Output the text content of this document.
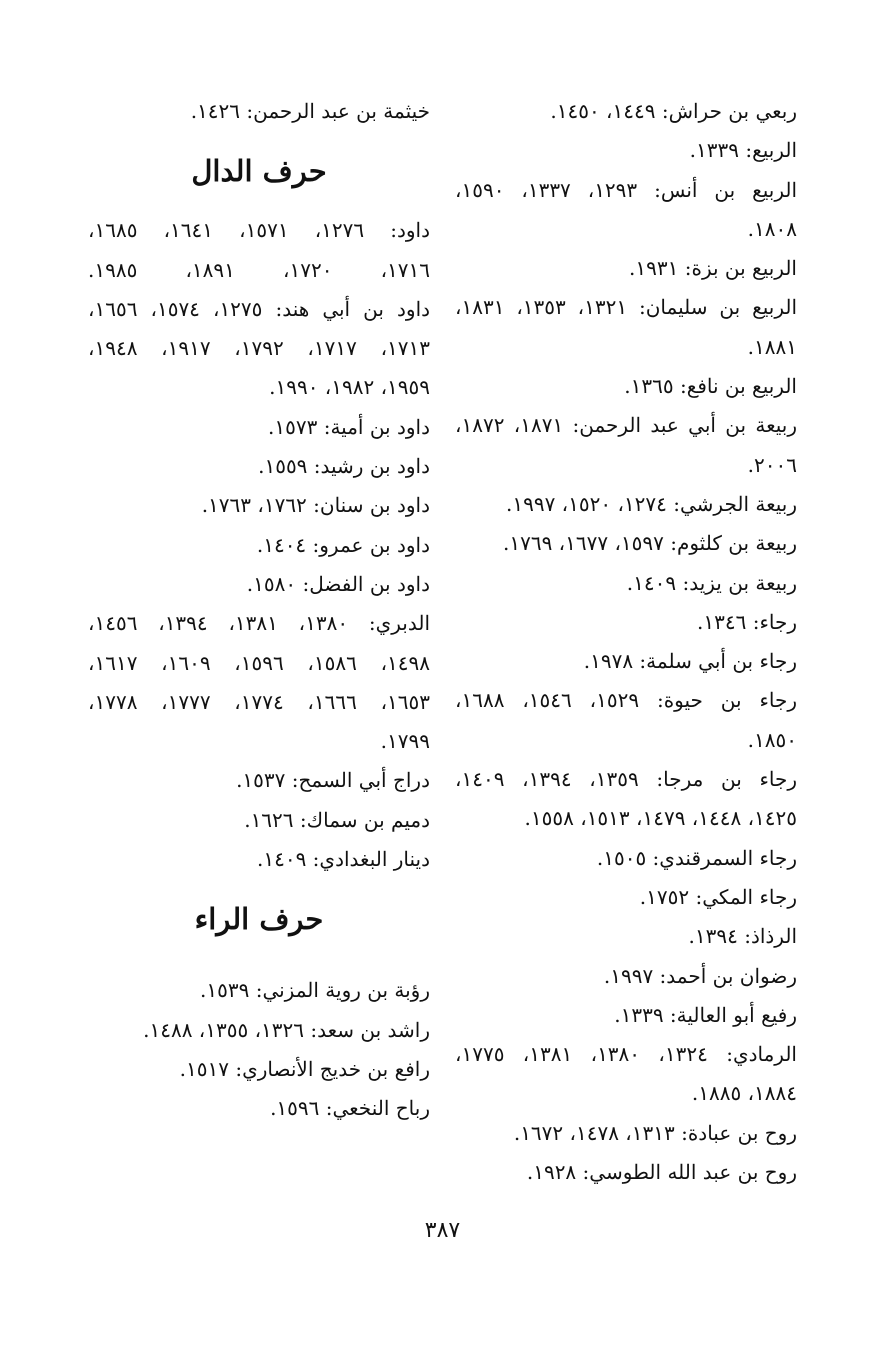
ربعي بن حراش: ١٤٤٩، ١٤٥٠.
الربيع: ١٣٣٩.
الربيع بن أنس: ١٢٩٣، ١٣٣٧، ١٥٩٠،
١٨٠٨.
الربيع بن بزة: ١٩٣١.
الربيع بن سليمان: ١٣٢١، ١٣٥٣، ١٨٣١،
١٨٨١.
الربيع بن نافع: ١٣٦٥.
ربيعة بن أبي عبد الرحمن: ١٨٧١، ١٨٧٢،
٢٠٠٦.
ربيعة الجرشي: ١٢٧٤، ١٥٢٠، ١٩٩٧.
ربيعة بن كلثوم: ١٥٩٧، ١٦٧٧، ١٧٦٩.
ربيعة بن يزيد: ١٤٠٩.
رجاء: ١٣٤٦.
رجاء بن أبي سلمة: ١٩٧٨.
رجاء بن حيوة: ١٥٢٩، ١٥٤٦، ١٦٨٨،
١٨٥٠.
رجاء بن مرجا: ١٣٥٩، ١٣٩٤، ١٤٠٩،
١٤٢٥، ١٤٤٨، ١٤٧٩، ١٥١٣، ١٥٥٨.
رجاء السمرقندي: ١٥٠٥.
رجاء المكي: ١٧٥٢.
الرذاذ: ١٣٩٤.
رضوان بن أحمد: ١٩٩٧.
رفيع أبو العالية: ١٣٣٩.
الرمادي: ١٣٢٤، ١٣٨٠، ١٣٨١، ١٧٧٥،
١٨٨٤، ١٨٨٥.
روح بن عبادة: ١٣١٣، ١٤٧٨، ١٦٧٢.
روح بن عبد الله الطوسي: ١٩٢٨.
خيثمة بن عبد الرحمن: ١٤٢٦.
حرف الدال
داود: ١٢٧٦، ١٥٧١، ١٦٤١، ١٦٨٥،
١٧١٦، ١٧٢٠، ١٨٩١، ١٩٨٥.
داود بن أبي هند: ١٢٧٥، ١٥٧٤، ١٦٥٦،
١٧١٣، ١٧١٧، ١٧٩٢، ١٩١٧، ١٩٤٨،
١٩٥٩، ١٩٨٢، ١٩٩٠.
داود بن أمية: ١٥٧٣.
داود بن رشيد: ١٥٥٩.
داود بن سنان: ١٧٦٢، ١٧٦٣.
داود بن عمرو: ١٤٠٤.
داود بن الفضل: ١٥٨٠.
الدبري: ١٣٨٠، ١٣٨١، ١٣٩٤، ١٤٥٦،
١٤٩٨، ١٥٨٦، ١٥٩٦، ١٦٠٩، ١٦١٧،
١٦٥٣، ١٦٦٦، ١٧٧٤، ١٧٧٧، ١٧٧٨،
١٧٩٩.
دراج أبي السمح: ١٥٣٧.
دميم بن سماك: ١٦٢٦.
دينار البغدادي: ١٤٠٩.
حرف الراء
رؤبة بن روية المزني: ١٥٣٩.
راشد بن سعد: ١٣٢٦، ١٣٥٥، ١٤٨٨.
رافع بن خديج الأنصاري: ١٥١٧.
رباح النخعي: ١٥٩٦.
٣٨٧
